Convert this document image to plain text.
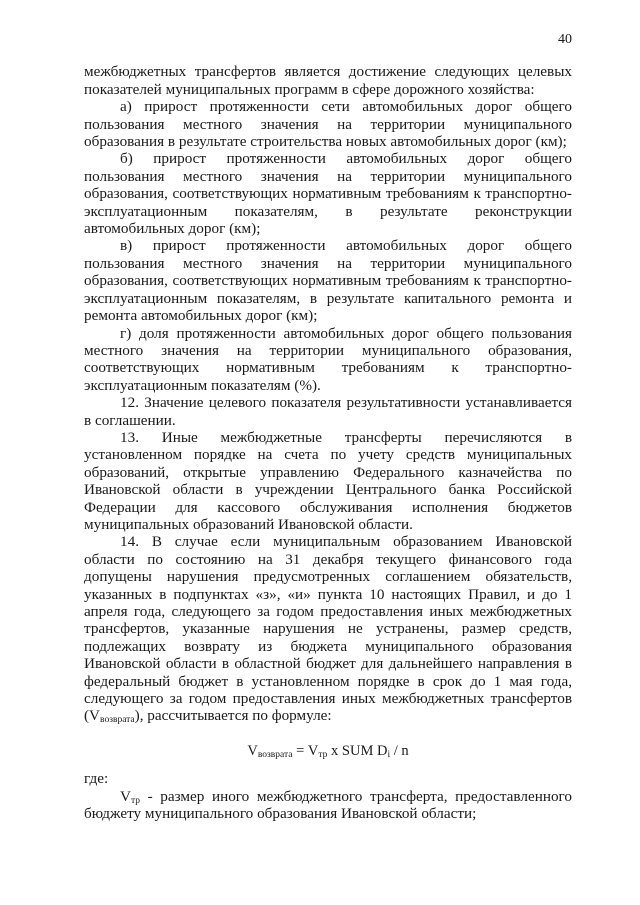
40

межбюджетных трансфертов является достижение следующих целевых показателей муниципальных программ в сфере дорожного хозяйства:

а) прирост протяженности сети автомобильных дорог общего пользования местного значения на территории муниципального образования в результате строительства новых автомобильных дорог (км);

б) прирост протяженности автомобильных дорог общего пользования местного значения на территории муниципального образования, соответствующих нормативным требованиям к транспортно-эксплуатационным показателям, в результате реконструкции автомобильных дорог (км);

в) прирост протяженности автомобильных дорог общего пользования местного значения на территории муниципального образования, соответствующих нормативным требованиям к транспортно-эксплуатационным показателям, в результате капитального ремонта и ремонта автомобильных дорог (км);

г) доля протяженности автомобильных дорог общего пользования местного значения на территории муниципального образования, соответствующих нормативным требованиям к транспортно-эксплуатационным показателям (%).

12. Значение целевого показателя результативности устанавливается в соглашении.

13. Иные межбюджетные трансферты перечисляются в установленном порядке на счета по учету средств муниципальных образований, открытые управлению Федерального казначейства по Ивановской области в учреждении Центрального банка Российской Федерации для кассового обслуживания исполнения бюджетов муниципальных образований Ивановской области.

14. В случае если муниципальным образованием Ивановской области по состоянию на 31 декабря текущего финансового года допущены нарушения предусмотренных соглашением обязательств, указанных в подпунктах «з», «и» пункта 10 настоящих Правил, и до 1 апреля года, следующего за годом предоставления иных межбюджетных трансфертов, указанные нарушения не устранены, размер средств, подлежащих возврату из бюджета муниципального образования Ивановской области в областной бюджет для дальнейшего направления в федеральный бюджет в установленном порядке в срок до 1 мая года, следующего за годом предоставления иных межбюджетных трансфертов $(V_{возврата})$, рассчитывается по формуле:

$V_{возврата} = V_{тр}$ x SUM $D_i$ / n

где:

$V_{тр}$ - размер иного межбюджетного трансферта, предоставленного бюджету муниципального образования Ивановской области;
